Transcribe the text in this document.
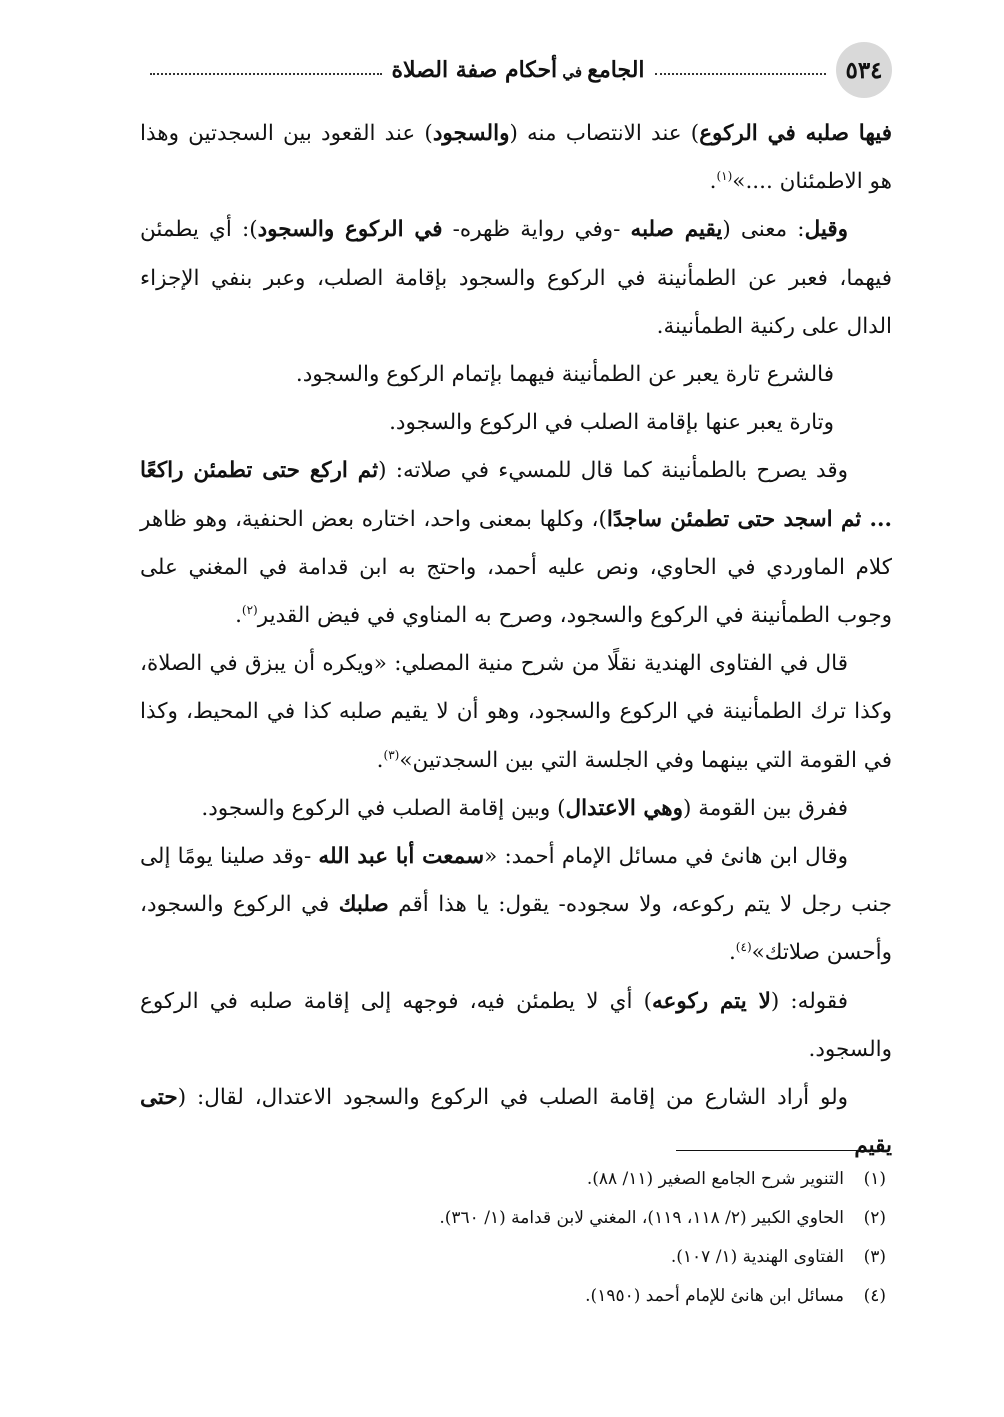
٥٣٤
الجامع في أحكام صفة الصلاة

فيها صلبه في الركوع) عند الانتصاب منه (والسجود) عند القعود بين السجدتين وهذا هو الاطمئنان ....»$^{(١)}$.

وقيل: معنى (يقيم صلبه -وفي رواية ظهره- في الركوع والسجود): أي يطمئن فيهما، فعبر عن الطمأنينة في الركوع والسجود بإقامة الصلب، وعبر بنفي الإجزاء الدال على ركنية الطمأنينة.

فالشرع تارة يعبر عن الطمأنينة فيهما بإتمام الركوع والسجود.

وتارة يعبر عنها بإقامة الصلب في الركوع والسجود.

وقد يصرح بالطمأنينة كما قال للمسيء في صلاته: (ثم اركع حتى تطمئن راكعًا ... ثم اسجد حتى تطمئن ساجدًا)، وكلها بمعنى واحد، اختاره بعض الحنفية، وهو ظاهر كلام الماوردي في الحاوي، ونص عليه أحمد، واحتج به ابن قدامة في المغني على وجوب الطمأنينة في الركوع والسجود، وصرح به المناوي في فيض القدير$^{(٢)}$.

قال في الفتاوى الهندية نقلًا من شرح منية المصلي: «ويكره أن يبزق في الصلاة، وكذا ترك الطمأنينة في الركوع والسجود، وهو أن لا يقيم صلبه كذا في المحيط، وكذا في القومة التي بينهما وفي الجلسة التي بين السجدتين»$^{(٣)}$.

ففرق بين القومة (وهي الاعتدال) وبين إقامة الصلب في الركوع والسجود.

وقال ابن هانئ في مسائل الإمام أحمد: «سمعت أبا عبد الله -وقد صلينا يومًا إلى جنب رجل لا يتم ركوعه، ولا سجوده- يقول: يا هذا أقم صلبك في الركوع والسجود، وأحسن صلاتك»$^{(٤)}$.

فقوله: (لا يتم ركوعه) أي لا يطمئن فيه، فوجهه إلى إقامة صلبه في الركوع والسجود.

ولو أراد الشارع من إقامة الصلب في الركوع والسجود الاعتدال، لقال: (حتى يقيم

(١)
التنوير شرح الجامع الصغير (١١/ ٨٨).
(٢)
الحاوي الكبير (٢/ ١١٨، ١١٩)، المغني لابن قدامة (١/ ٣٦٠).
(٣)
الفتاوى الهندية (١/ ١٠٧).
(٤)
مسائل ابن هانئ للإمام أحمد (١٩٥٠).
